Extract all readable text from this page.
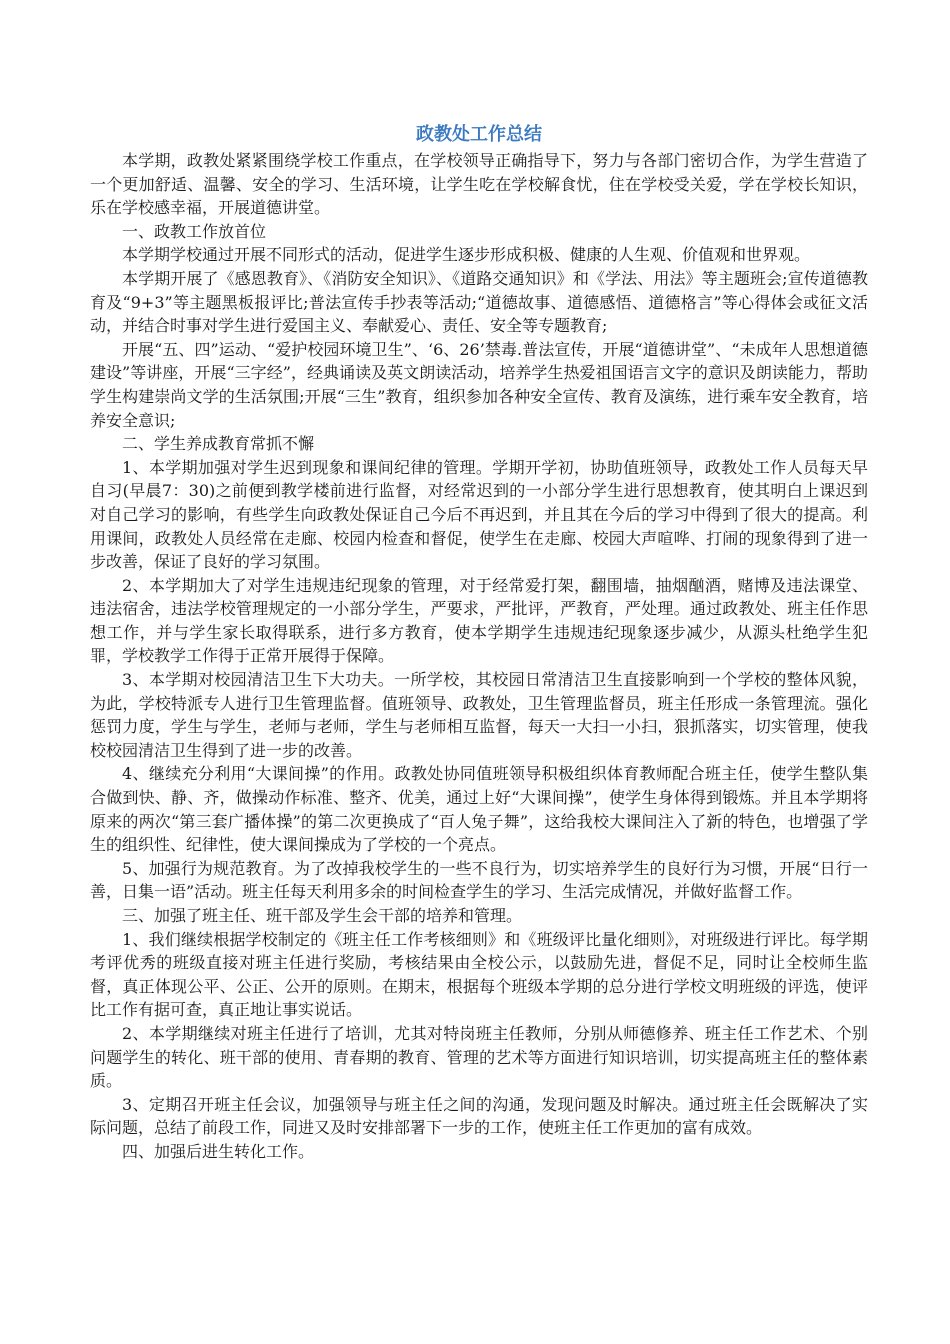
政教处工作总结

本学期，政教处紧紧围绕学校工作重点，在学校领导正确指导下，努力与各部门密切合作，为学生营造了一个更加舒适、温馨、安全的学习、生活环境，让学生吃在学校解食忧，住在学校受关爱，学在学校长知识，乐在学校感幸福，开展道德讲堂。

一、政教工作放首位

本学期学校通过开展不同形式的活动，促进学生逐步形成积极、健康的人生观、价值观和世界观。

本学期开展了《感恩教育》、《消防安全知识》、《道路交通知识》和《学法、用法》等主题班会;宣传道德教育及“9+3”等主题黑板报评比;普法宣传手抄表等活动;“道德故事、道德感悟、道德格言”等心得体会或征文活动，并结合时事对学生进行爱国主义、奉献爱心、责任、安全等专题教育;

开展“五、四”运动、“爱护校园环境卫生”、‘6、26’禁毒.普法宣传，开展“道德讲堂”、“未成年人思想道德建设”等讲座，开展“三字经”，经典诵读及英文朗读活动，培养学生热爱祖国语言文字的意识及朗读能力，帮助学生构建崇尚文学的生活氛围;开展“三生”教育，组织参加各种安全宣传、教育及演练，进行乘车安全教育，培养安全意识;

二、学生养成教育常抓不懈

1、本学期加强对学生迟到现象和课间纪律的管理。学期开学初，协助值班领导，政教处工作人员每天早自习(早晨7：30)之前便到教学楼前进行监督，对经常迟到的一小部分学生进行思想教育，使其明白上课迟到对自己学习的影响，有些学生向政教处保证自己今后不再迟到，并且其在今后的学习中得到了很大的提高。利用课间，政教处人员经常在走廊、校园内检查和督促，使学生在走廊、校园大声喧哗、打闹的现象得到了进一步改善，保证了良好的学习氛围。

2、本学期加大了对学生违规违纪现象的管理，对于经常爱打架，翻围墙，抽烟酗酒，赌博及违法课堂、违法宿舍，违法学校管理规定的一小部分学生，严要求，严批评，严教育，严处理。通过政教处、班主任作思想工作，并与学生家长取得联系，进行多方教育，使本学期学生违规违纪现象逐步减少，从源头杜绝学生犯罪，学校教学工作得于正常开展得于保障。

3、本学期对校园清洁卫生下大功夫。一所学校，其校园日常清洁卫生直接影响到一个学校的整体风貌，为此，学校特派专人进行卫生管理监督。值班领导、政教处，卫生管理监督员，班主任形成一条管理流。强化惩罚力度，学生与学生，老师与老师，学生与老师相互监督，每天一大扫一小扫，狠抓落实，切实管理，使我校校园清洁卫生得到了进一步的改善。

4、继续充分利用“大课间操”的作用。政教处协同值班领导积极组织体育教师配合班主任，使学生整队集合做到快、静、齐，做操动作标准、整齐、优美，通过上好“大课间操”，使学生身体得到锻炼。并且本学期将原来的两次“第三套广播体操”的第二次更换成了“百人兔子舞”，这给我校大课间注入了新的特色，也增强了学生的组织性、纪律性，使大课间操成为了学校的一个亮点。

5、加强行为规范教育。为了改掉我校学生的一些不良行为，切实培养学生的良好行为习惯，开展“日行一善，日集一语”活动。班主任每天利用多余的时间检查学生的学习、生活完成情况，并做好监督工作。

三、加强了班主任、班干部及学生会干部的培养和管理。

1、我们继续根据学校制定的《班主任工作考核细则》和《班级评比量化细则》，对班级进行评比。每学期考评优秀的班级直接对班主任进行奖励，考核结果由全校公示，以鼓励先进，督促不足，同时让全校师生监督，真正体现公平、公正、公开的原则。在期末，根据每个班级本学期的总分进行学校文明班级的评选，使评比工作有据可查，真正地让事实说话。

2、本学期继续对班主任进行了培训，尤其对特岗班主任教师，分别从师德修养、班主任工作艺术、个别问题学生的转化、班干部的使用、青春期的教育、管理的艺术等方面进行知识培训，切实提高班主任的整体素质。

3、定期召开班主任会议，加强领导与班主任之间的沟通，发现问题及时解决。通过班主任会既解决了实际问题，总结了前段工作，同进又及时安排部署下一步的工作，使班主任工作更加的富有成效。

四、加强后进生转化工作。
